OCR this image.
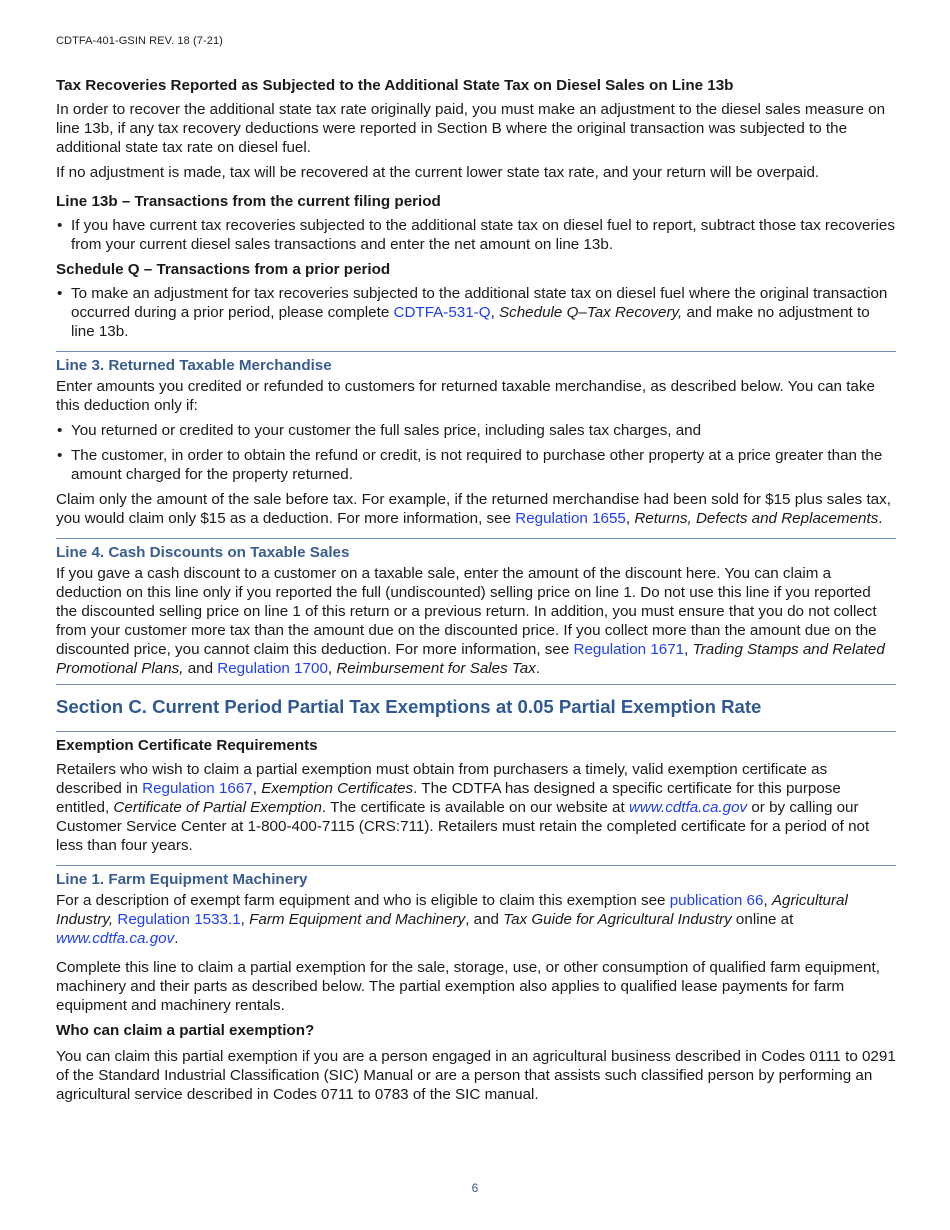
CDTFA-401-GSIN REV. 18 (7-21)
Tax Recoveries Reported as Subjected to the Additional State Tax on Diesel Sales on Line 13b

In order to recover the additional state tax rate originally paid, you must make an adjustment to the diesel sales measure on line 13b, if any tax recovery deductions were reported in Section B where the original transaction was subjected to the additional state tax rate on diesel fuel.

If no adjustment is made, tax will be recovered at the current lower state tax rate, and your return will be overpaid.

Line 13b – Transactions from the current filing period
• If you have current tax recoveries subjected to the additional state tax on diesel fuel to report, subtract those tax recoveries from your current diesel sales transactions and enter the net amount on line 13b.
Schedule Q – Transactions from a prior period
• To make an adjustment for tax recoveries subjected to the additional state tax on diesel fuel where the original transaction occurred during a prior period, please complete CDTFA-531-Q, Schedule Q–Tax Recovery, and make no adjustment to line 13b.
Line 3. Returned Taxable Merchandise

Enter amounts you credited or refunded to customers for returned taxable merchandise, as described below. You can take this deduction only if:

• You returned or credited to your customer the full sales price, including sales tax charges, and
• The customer, in order to obtain the refund or credit, is not required to purchase other property at a price greater than the amount charged for the property returned.

Claim only the amount of the sale before tax. For example, if the returned merchandise had been sold for $15 plus sales tax, you would claim only $15 as a deduction. For more information, see Regulation 1655, Returns, Defects and Replacements.

Line 4. Cash Discounts on Taxable Sales

If you gave a cash discount to a customer on a taxable sale, enter the amount of the discount here. You can claim a deduction on this line only if you reported the full (undiscounted) selling price on line 1. Do not use this line if you reported the discounted selling price on line 1 of this return or a previous return. In addition, you must ensure that you do not collect from your customer more tax than the amount due on the discounted price. If you collect more than the amount due on the discounted price, you cannot claim this deduction. For more information, see Regulation 1671, Trading Stamps and Related Promotional Plans, and Regulation 1700, Reimbursement for Sales Tax.

Section C. Current Period Partial Tax Exemptions at 0.05 Partial Exemption Rate
Exemption Certificate Requirements

Retailers who wish to claim a partial exemption must obtain from purchasers a timely, valid exemption certificate as described in Regulation 1667, Exemption Certificates. The CDTFA has designed a specific certificate for this purpose entitled, Certificate of Partial Exemption. The certificate is available on our website at www.cdtfa.ca.gov or by calling our Customer Service Center at 1-800-400-7115 (CRS:711). Retailers must retain the completed certificate for a period of not less than four years.

Line 1. Farm Equipment Machinery

For a description of exempt farm equipment and who is eligible to claim this exemption see publication 66, Agricultural Industry, Regulation 1533.1, Farm Equipment and Machinery, and Tax Guide for Agricultural Industry online at www.cdtfa.ca.gov.

Complete this line to claim a partial exemption for the sale, storage, use, or other consumption of qualified farm equipment, machinery and their parts as described below. The partial exemption also applies to qualified lease payments for farm equipment and machinery rentals.

Who can claim a partial exemption?

You can claim this partial exemption if you are a person engaged in an agricultural business described in Codes 0111 to 0291 of the Standard Industrial Classification (SIC) Manual or are a person that assists such classified person by performing an agricultural service described in Codes 0711 to 0783 of the SIC manual.

6
